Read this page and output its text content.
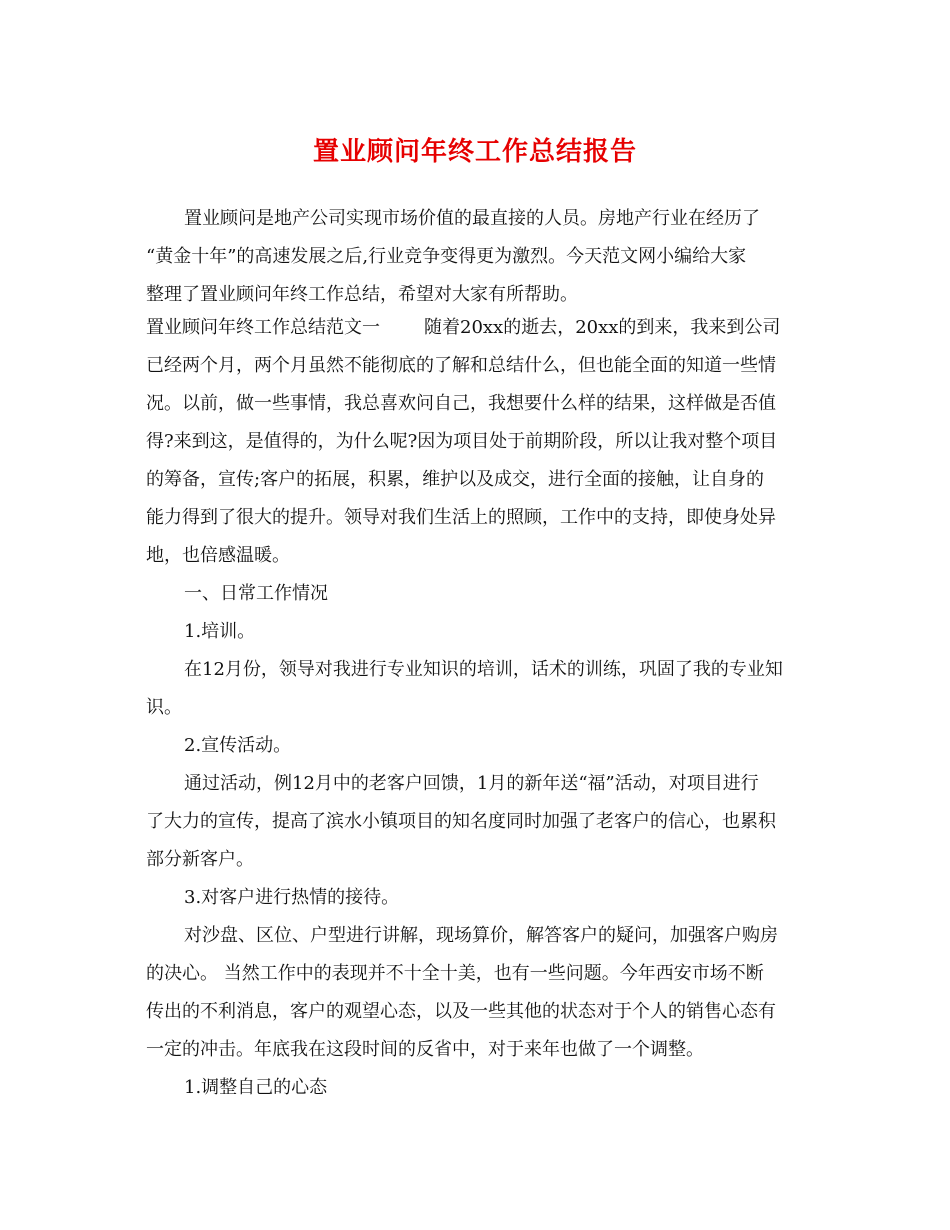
置业顾问年终工作总结报告

置业顾问是地产公司实现市场价值的最直接的人员。房地产行业在经历了

“黄金十年”的高速发展之后,行业竞争变得更为激烈。今天范文网小编给大家

整理了置业顾问年终工作总结，希望对大家有所帮助。

置业顾问年终工作总结范文一 随着20xx的逝去，20xx的到来，我来到公司

已经两个月，两个月虽然不能彻底的了解和总结什么，但也能全面的知道一些情

况。以前，做一些事情，我总喜欢问自己，我想要什么样的结果，这样做是否值

得?来到这，是值得的，为什么呢?因为项目处于前期阶段，所以让我对整个项目

的筹备，宣传;客户的拓展，积累，维护以及成交，进行全面的接触，让自身的

能力得到了很大的提升。领导对我们生活上的照顾，工作中的支持，即使身处异

地，也倍感温暖。

一、日常工作情况

1.培训。

在12月份，领导对我进行专业知识的培训，话术的训练，巩固了我的专业知

识。

2.宣传活动。

通过活动，例12月中的老客户回馈，1月的新年送“福”活动，对项目进行

了大力的宣传，提高了滨水小镇项目的知名度同时加强了老客户的信心，也累积

部分新客户。

3.对客户进行热情的接待。

对沙盘、区位、户型进行讲解，现场算价，解答客户的疑问，加强客户购房

的决心。 当然工作中的表现并不十全十美，也有一些问题。今年西安市场不断

传出的不利消息，客户的观望心态，以及一些其他的状态对于个人的销售心态有

一定的冲击。年底我在这段时间的反省中，对于来年也做了一个调整。

1.调整自己的心态
